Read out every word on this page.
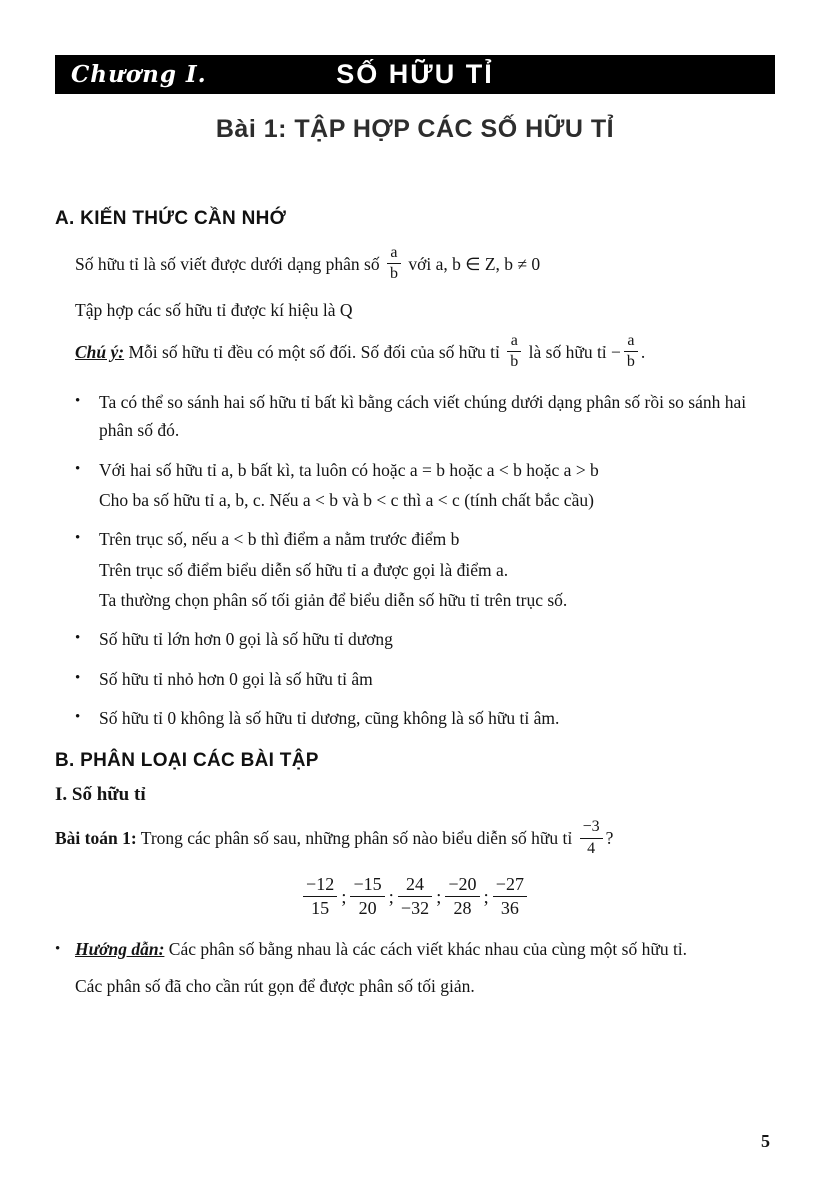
Chương I.	SỐ HỮU TỈ
Bài 1: TẬP HỢP CÁC SỐ HỮU TỈ
A. KIẾN THỨC CẦN NHỚ

Số hữu tỉ là số viết được dưới dạng phân số $\frac{a}{b}$ với a, b ∈ Z, b ≠ 0

Tập hợp các số hữu tỉ được kí hiệu là Q

Chú ý: Mỗi số hữu tỉ đều có một số đối. Số đối của số hữu tỉ $\frac{a}{b}$ là số hữu tỉ − $\frac{a}{b}$ .

•	Ta có thể so sánh hai số hữu tỉ bất kì bằng cách viết chúng dưới dạng phân số rồi so sánh hai phân số đó.
•	Với hai số hữu tỉ a, b bất kì, ta luôn có hoặc a = b hoặc a < b hoặc a > b
Cho ba số hữu tỉ a, b, c. Nếu a < b và b < c thì a < c (tính chất bắc cầu)
•	Trên trục số, nếu a < b thì điểm a nằm trước điểm b
Trên trục số điểm biểu diễn số hữu tỉ a được gọi là điểm a.
Ta thường chọn phân số tối giản để biểu diễn số hữu tỉ trên trục số.
•	Số hữu tỉ lớn hơn 0 gọi là số hữu tỉ dương
•	Số hữu tỉ nhỏ hơn 0 gọi là số hữu tỉ âm
•	Số hữu tỉ 0 không là số hữu tỉ dương, cũng không là số hữu tỉ âm.
B. PHÂN LOẠI CÁC BÀI TẬP
I. Số hữu tỉ

Bài toán 1: Trong các phân số sau, những phân số nào biểu diễn số hữu tỉ $\frac{-3}{4}$ ?

$\frac{-12}{15}$ ; $\frac{-15}{20}$ ; $\frac{24}{-32}$ ; $\frac{-20}{28}$ ; $\frac{-27}{36}$
• Hướng dẫn: Các phân số bằng nhau là các cách viết khác nhau của cùng một số hữu tỉ.

Các phân số đã cho cần rút gọn để được phân số tối giản.

5
